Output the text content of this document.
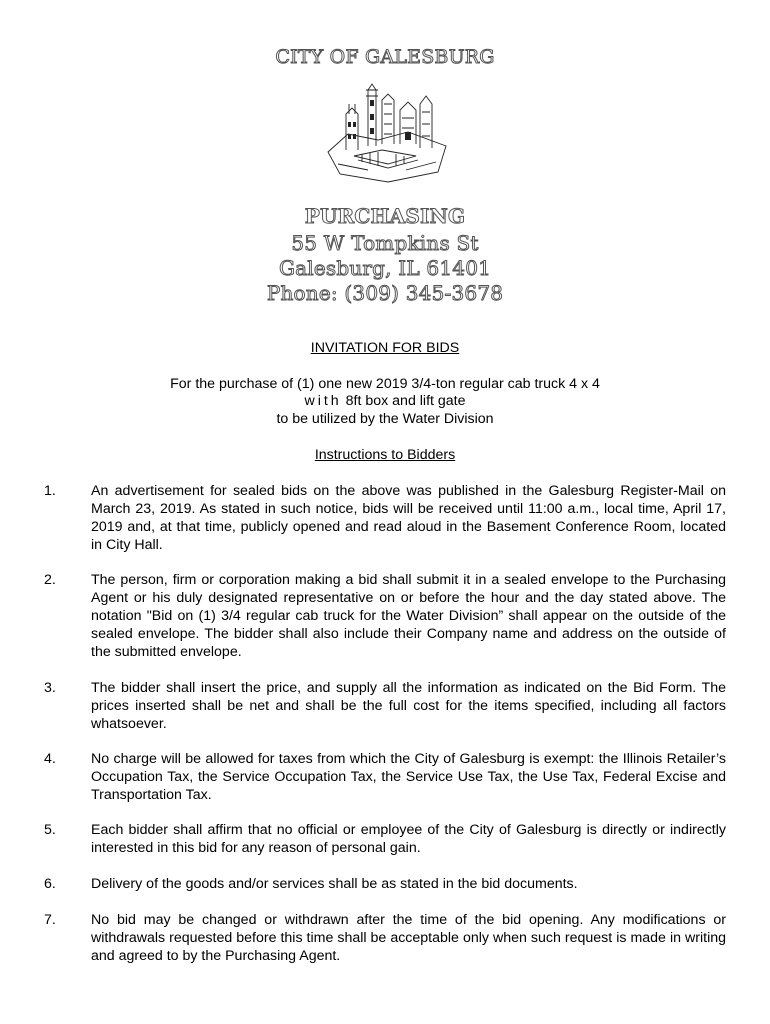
CITY OF GALESBURG
PURCHASING

55 W Tompkins St

Galesburg, IL 61401

Phone: (309) 345-3678

INVITATION FOR BIDS

For the purchase of (1) one new 2019 3/4-ton regular cab truck 4 x 4

with 8ft box and lift gate

to be utilized by the Water Division

Instructions to Bidders

1.	An advertisement for sealed bids on the above was published in the Galesburg Register-Mail on March 23, 2019. As stated in such notice, bids will be received until 11:00 a.m., local time, April 17, 2019 and, at that time, publicly opened and read aloud in the Basement Conference Room, located in City Hall.

2.	The person, firm or corporation making a bid shall submit it in a sealed envelope to the Purchasing Agent or his duly designated representative on or before the hour and the day stated above. The notation "Bid on (1) 3/4 regular cab truck for the Water Division” shall appear on the outside of the sealed envelope. The bidder shall also include their Company name and address on the outside of the submitted envelope.

3.	The bidder shall insert the price, and supply all the information as indicated on the Bid Form. The prices inserted shall be net and shall be the full cost for the items specified, including all factors whatsoever.

4.	No charge will be allowed for taxes from which the City of Galesburg is exempt: the Illinois Retailer’s Occupation Tax, the Service Occupation Tax, the Service Use Tax, the Use Tax, Federal Excise and Transportation Tax.

5.	Each bidder shall affirm that no official or employee of the City of Galesburg is directly or indirectly interested in this bid for any reason of personal gain.

6.	Delivery of the goods and/or services shall be as stated in the bid documents.

7.	No bid may be changed or withdrawn after the time of the bid opening. Any modifications or withdrawals requested before this time shall be acceptable only when such request is made in writing and agreed to by the Purchasing Agent.
